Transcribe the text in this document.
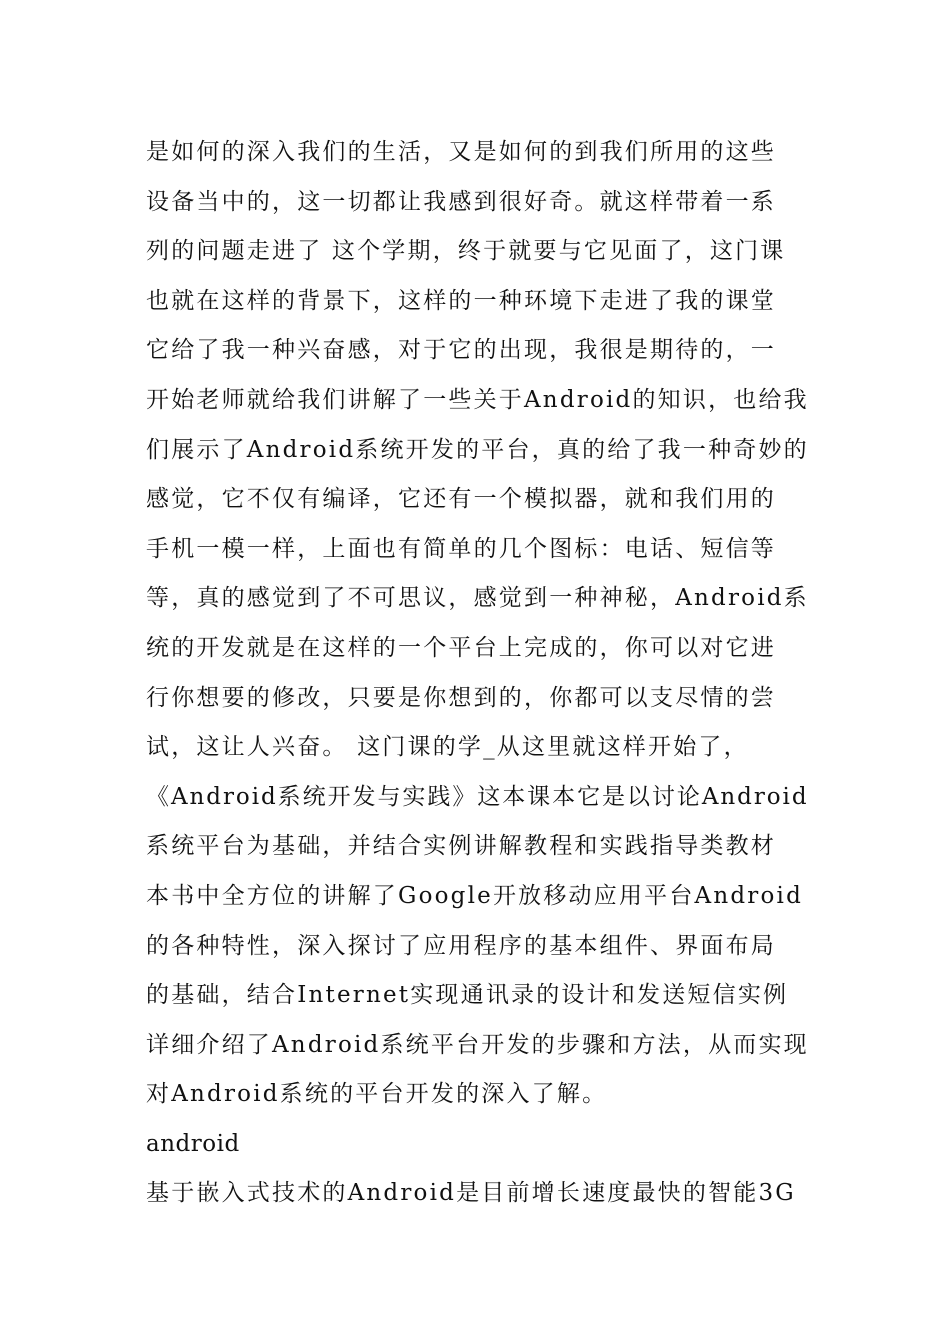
是如何的深入我们的生活，又是如何的到我们所用的这些
设备当中的，这一切都让我感到很好奇。就这样带着一系
列的问题走进了 这个学期，终于就要与它见面了，这门课
也就在这样的背景下，这样的一种环境下走进了我的课堂
它给了我一种兴奋感，对于它的出现，我很是期待的，一
开始老师就给我们讲解了一些关于Android的知识，也给我
们展示了Android系统开发的平台，真的给了我一种奇妙的
感觉，它不仅有编译，它还有一个模拟器，就和我们用的
手机一模一样，上面也有简单的几个图标：电话、短信等
等，真的感觉到了不可思议，感觉到一种神秘，Android系
统的开发就是在这样的一个平台上完成的，你可以对它进
行你想要的修改，只要是你想到的，你都可以支尽情的尝
试，这让人兴奋。 这门课的学_从这里就这样开始了，
《Android系统开发与实践》这本课本它是以讨论Android
系统平台为基础，并结合实例讲解教程和实践指导类教材
本书中全方位的讲解了Google开放移动应用平台Android
的各种特性，深入探讨了应用程序的基本组件、界面布局
的基础，结合Internet实现通讯录的设计和发送短信实例
详细介绍了Android系统平台开发的步骤和方法，从而实现
对Android系统的平台开发的深入了解。
android
基于嵌入式技术的Android是目前增长速度最快的智能3G
